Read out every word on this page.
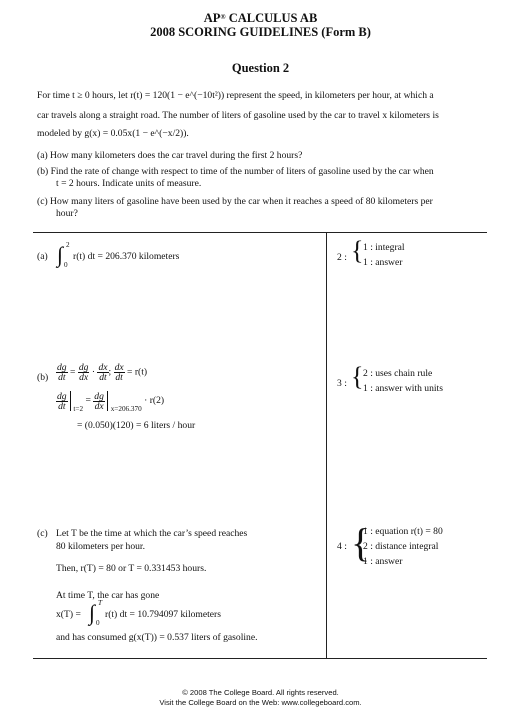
AP® CALCULUS AB
2008 SCORING GUIDELINES (Form B)
Question 2
For time t ≥ 0 hours, let r(t) = 120(1 − e^(−10t²)) represent the speed, in kilometers per hour, at which a
car travels along a straight road. The number of liters of gasoline used by the car to travel x kilometers is
modeled by g(x) = 0.05x(1 − e^(−x/2)).
(a) How many kilometers does the car travel during the first 2 hours?
(b) Find the rate of change with respect to time of the number of liters of gasoline used by the car when
t = 2 hours. Indicate units of measure.
(c) How many liters of gasoline have been used by the car when it reaches a speed of 80 kilometers per
hour?
(a) ∫ 2
0
r(t) dt = 206.370 kilometers	2 : { 1 : integral
1 : answer
$(b) \frac{dg}{dt} = \frac{dg}{dx} \cdot \frac{dx}{dt}$ ; $\frac{dx}{dt} = r(t)$
$\frac{dg}{dt} _{t=2} = \frac{dg}{dx} _{x=206.370} \cdot r(2)$
= (0.050)(120) = 6 liters / hour
3 : { 2 : uses chain rule
1 : answer with units
(c) Let T be the time at which the car’s speed reaches
80 kilometers per hour.
Then, r(T) = 80 or T = 0.331453 hours.
At time T, the car has gone
x(T) = ∫ T
0
r(t) dt = 10.794097 kilometers
and has consumed g(x(T)) = 0.537 liters of gasoline.
4 : {
1 : equation r(t) = 80
2 : distance integral
1 : answer
© 2008 The College Board. All rights reserved.
Visit the College Board on the Web: www.collegeboard.com.
